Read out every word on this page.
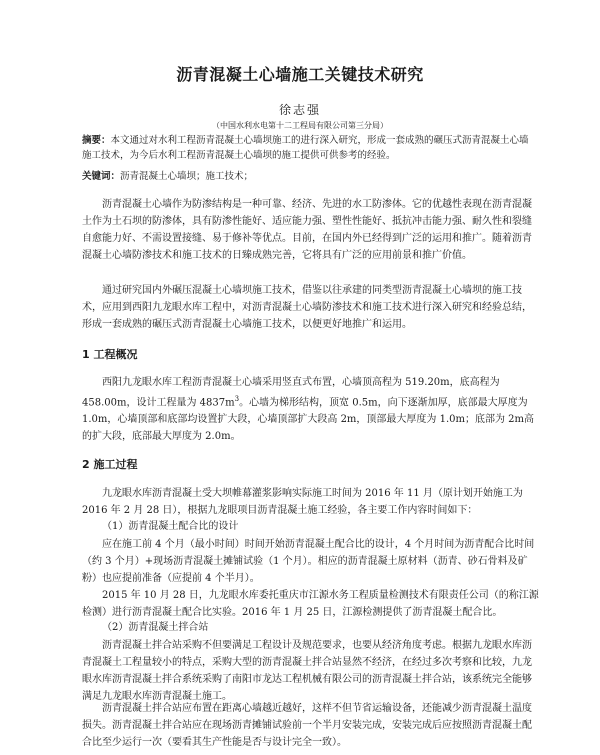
沥青混凝土心墙施工关键技术研究
徐志强
（中国水利水电第十二工程局有限公司第三分局）
摘要：本文通过对水利工程沥青混凝土心墙坝施工的进行深入研究，形成一套成熟的碾压式沥青混凝土心墙施工技术，为今后水利工程沥青混凝土心墙坝的施工提供可供参考的经验。
关键词：沥青混凝土心墙坝；施工技术；

沥青混凝土心墙作为防渗结构是一种可靠、经济、先进的水工防渗体。它的优越性表现在沥青混凝土作为土石坝的防渗体，具有防渗性能好、适应能力强、塑性性能好、抵抗冲击能力强、耐久性和裂缝自愈能力好、不需设置接缝、易于修补等优点。目前，在国内外已经得到广泛的运用和推广。随着沥青混凝土心墙防渗技术和施工技术的日臻成熟完善，它将具有广泛的应用前景和推广价值。

通过研究国内外碾压混凝土心墙坝施工技术，借鉴以往承建的同类型沥青混凝土心墙坝的施工技术，应用到西阳九龙眼水库工程中，对沥青混凝土心墙防渗技术和施工技术进行深入研究和经验总结，形成一套成熟的碾压式沥青混凝土心墙施工技术，以便更好地推广和运用。

1 工程概况

西阳九龙眼水库工程沥青混凝土心墙采用竖直式布置，心墙顶高程为 519.20m，底高程为458.00m，设计工程量为 $4837m^3$。心墙为梯形结构，顶宽 0.5m，向下逐渐加厚，底部最大厚度为1.0m，心墙顶部和底部均设置扩大段，心墙顶部扩大段高 2m，顶部最大厚度为 1.0m；底部为 2m高的扩大段，底部最大厚度为 2.0m。

2 施工过程

九龙眼水库沥青混凝土受大坝帷幕灌浆影响实际施工时间为 2016 年 11 月（原计划开始施工为 2016 年 2 月 28 日），根据九龙眼项目沥青混凝土施工经验，各主要工作内容时间如下：

（1）沥青混凝土配合比的设计

应在施工前 4 个月（最小时间）时间开始沥青混凝土配合比的设计，4 个月时间为沥青配合比时间（约 3 个月）+现场沥青混凝土摊铺试验（1 个月）。相应的沥青混凝土原材料（沥青、砂石骨料及矿粉）也应提前准备（应提前 4 个半月）。

2015 年 10 月 28 日，九龙眼水库委托重庆市江源水务工程质量检测技术有限责任公司（的称江源检测）进行沥青混凝土配合比实验。2016 年 1 月 25 日，江源检测提供了沥青混凝土配合比。

（2）沥青混凝土拌合站

沥青混凝土拌合站采购不但要满足工程设计及规范要求，也要从经济角度考虑。根据九龙眼水库沥青混凝土工程量较小的特点，采购大型的沥青混凝土拌合站显然不经济，在经过多次考察和比较，九龙眼水库沥青混凝土拌合系统采购了南阳市龙达工程机械有限公司的沥青混凝土拌合站，该系统完全能够满足九龙眼水库沥青混凝土施工。

沥青混凝土拌合站应布置在距离心墙越近越好，这样不但节省运输设备，还能减少沥青混凝土温度损失。沥青混凝土拌合站应在现场沥青摊铺试验前一个半月安装完成，安装完成后应按照沥青混凝土配合比至少运行一次（要看其生产性能是否与设计完全一致）。
